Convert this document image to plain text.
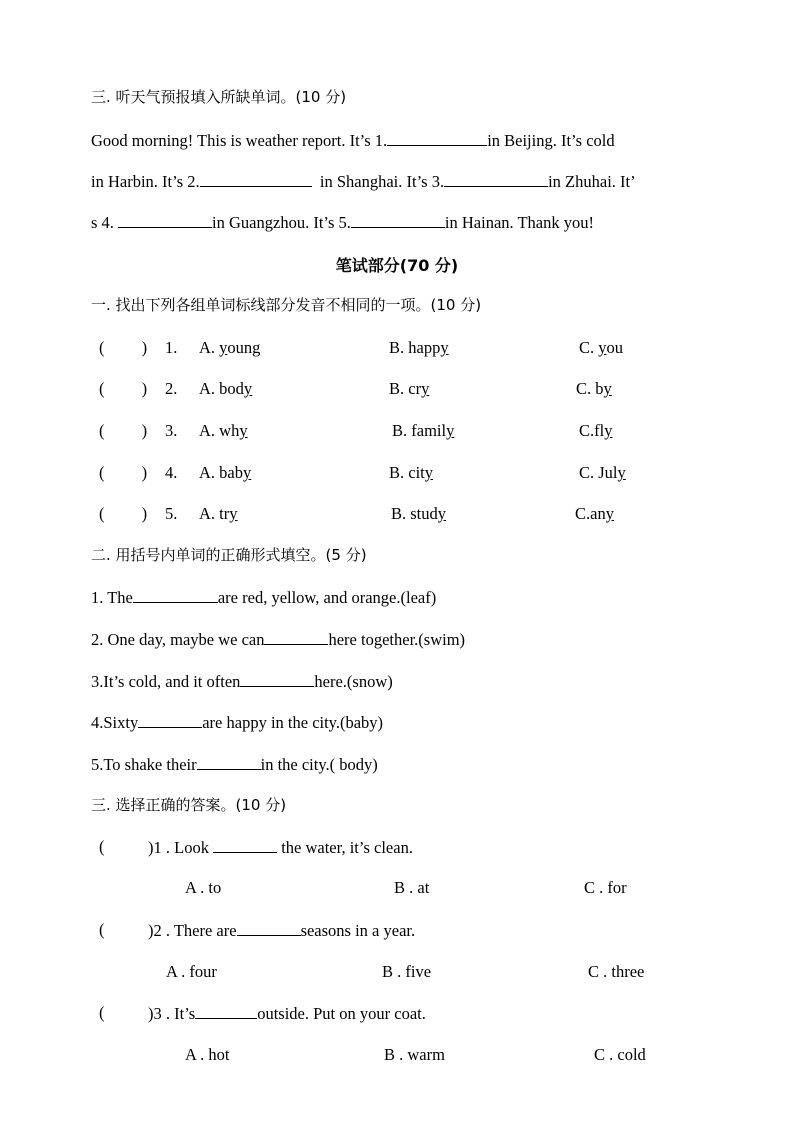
三. 听天气预报填入所缺单词。(10 分)
Good morning! This is weather report. It’s 1.	in Beijing. It’s cold
in Harbin. It’s 2.	in Shanghai. It’s 3.	in Zhuhai. It’
s 4.	in Guangzhou. It’s 5.	in Hainan. Thank you!
笔试部分(70 分)
一. 找出下列各组单词标线部分发音不相同的一项。(10 分)
(         ) 1. A. young	B. happy	C. you
(         ) 2. A. body	B. cry	C. by
(         ) 3. A. why	B. family	C.fly
(         ) 4. A. baby	B. city	C. July
(         ) 5. A. try	B. study	C.any
二. 用括号内单词的正确形式填空。(5 分)
1. The	are red, yellow, and orange.(leaf)
2. One day, maybe we can	here together.(swim)
3.It’s cold, and it often	here.(snow)
4.Sixty	are happy in the city.(baby)
5.To shake their	in the city.( body)
三. 选择正确的答案。(10 分)
( )1 . Look	the water, it’s clean.
A . to	B . at	C . for
( )2 . There are	seasons in a year.
A . four	B . five	C . three
( )3 . It’s	outside. Put on your coat.
A . hot	B . warm	C . cold
